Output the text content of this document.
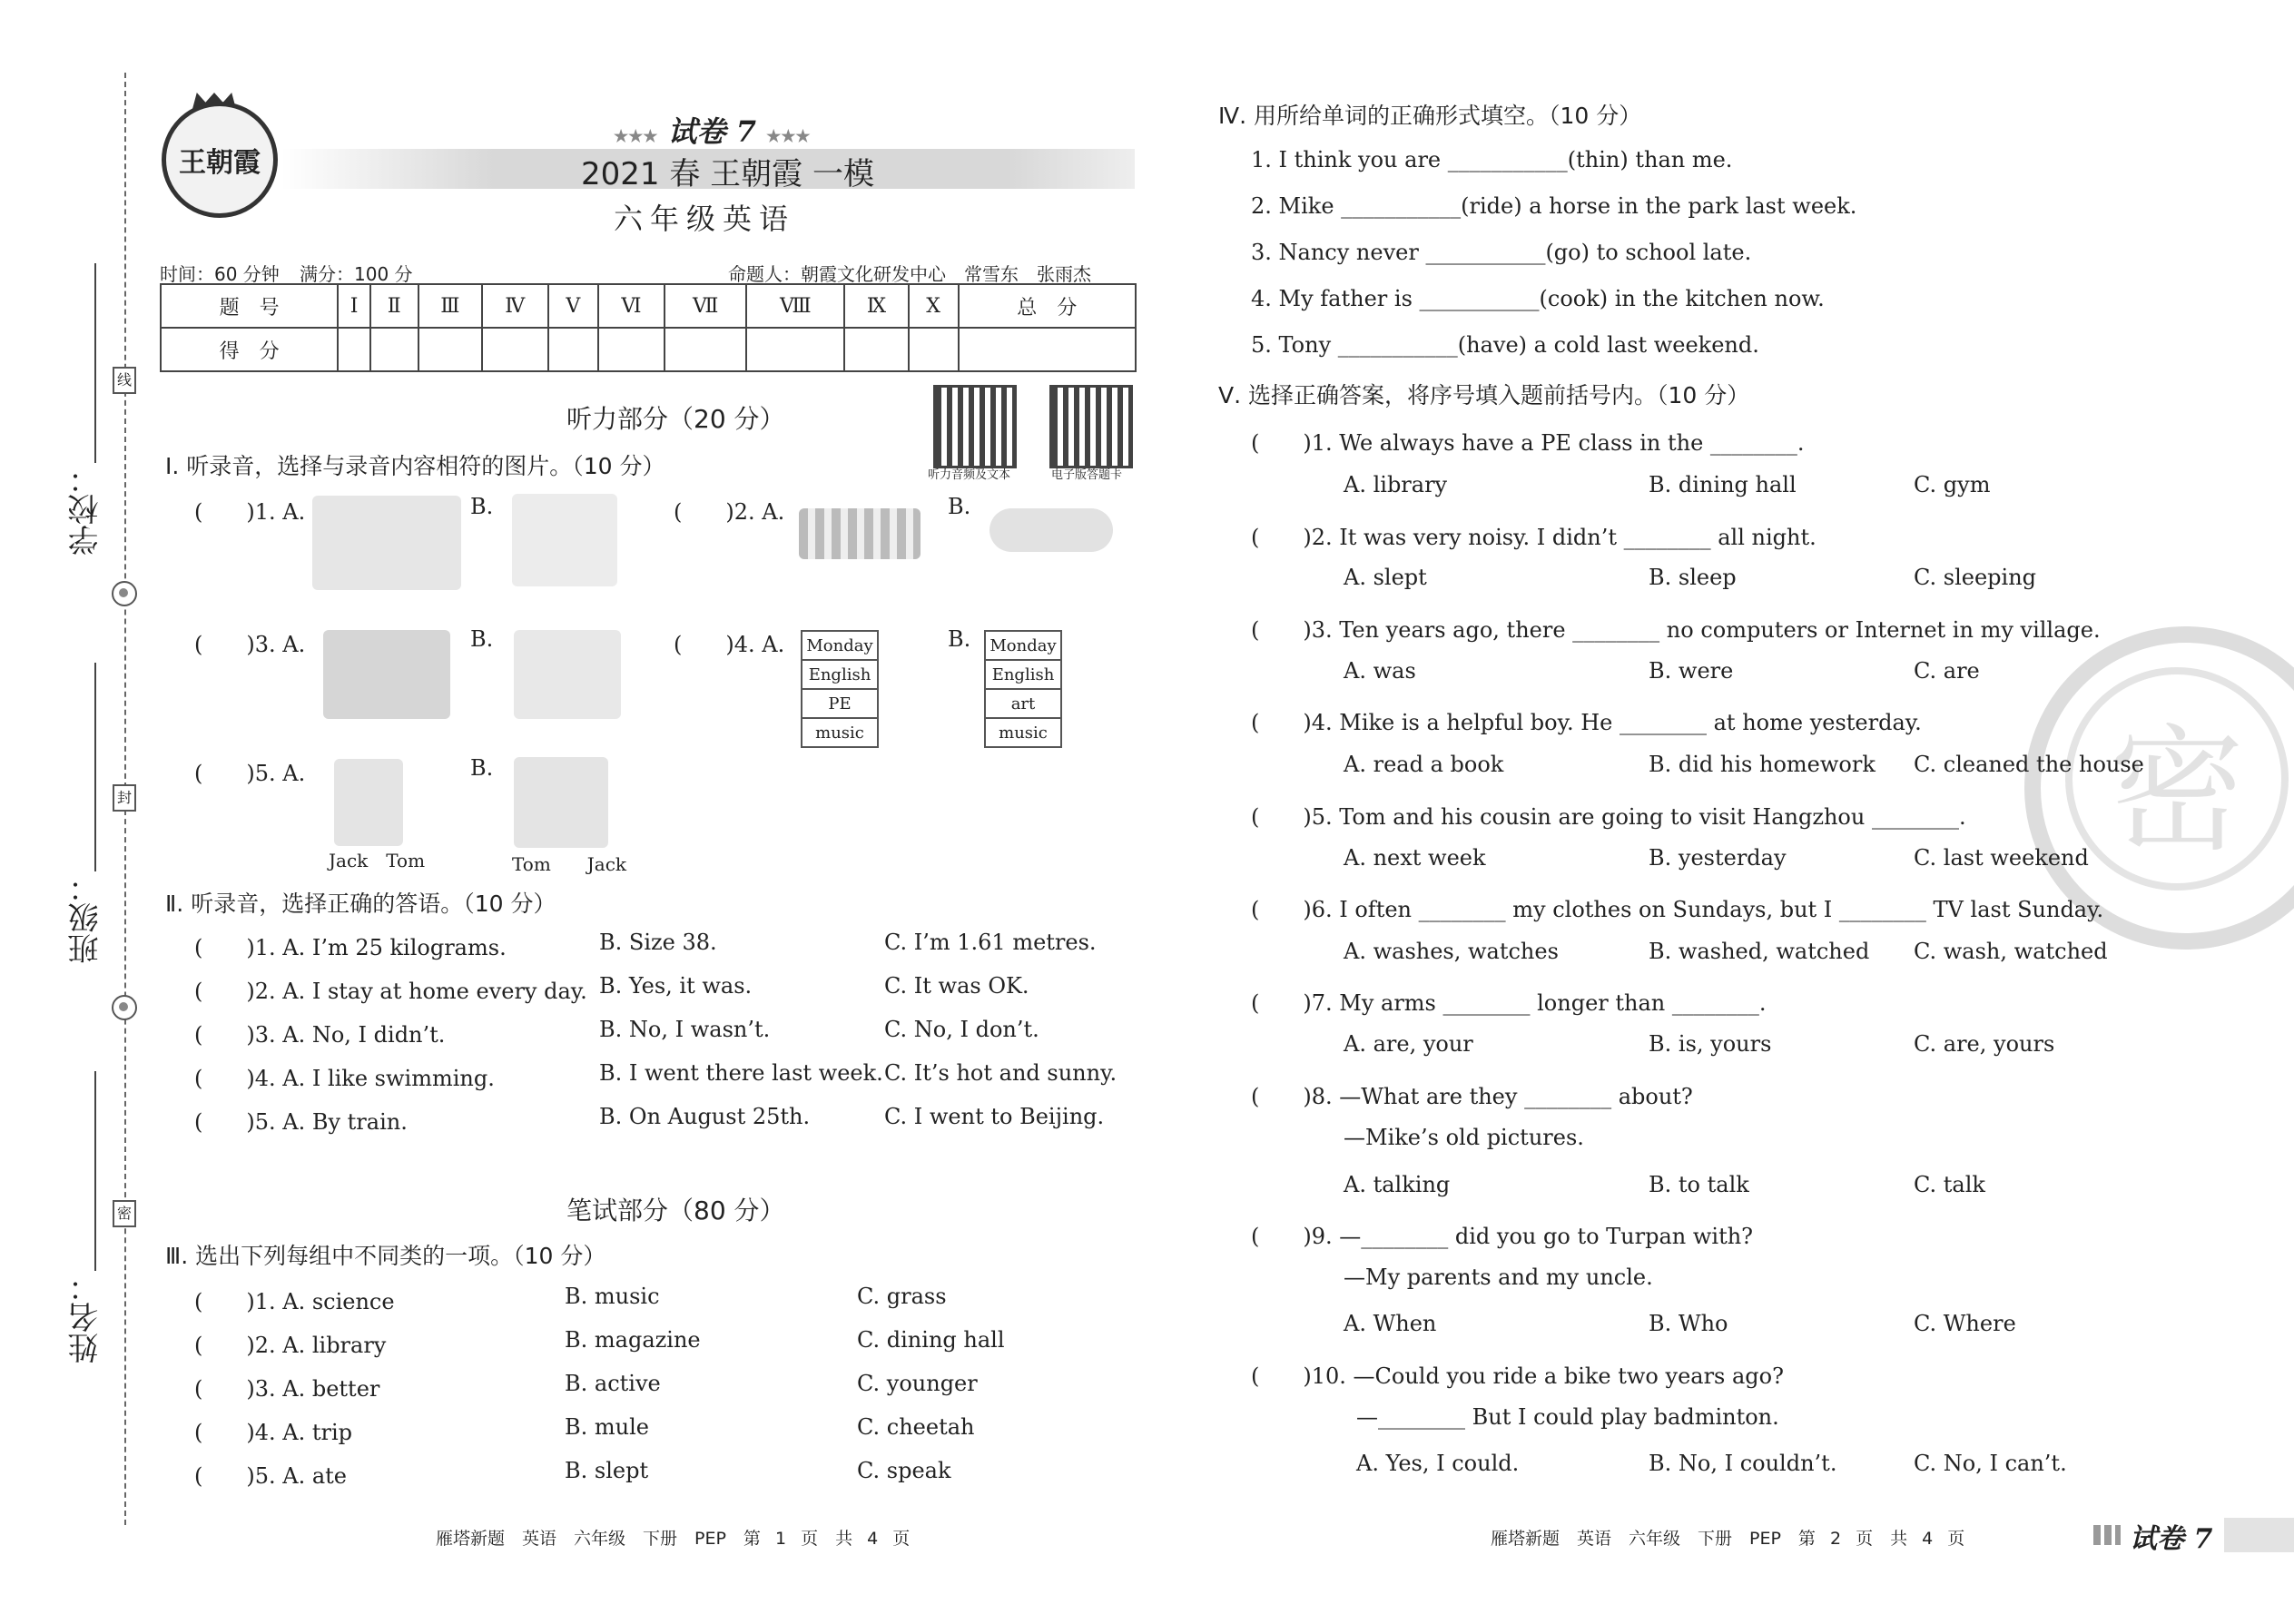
学校：
班级：
姓名：
线
封
密
王朝霞
★★★ 试卷 7 ★★★
2021 春 王朝霞 一模
六年级英语
时间：60 分钟 满分：100 分	命题人：朝霞文化研发中心　常雪东　张雨杰
题　号	Ⅰ	Ⅱ	Ⅲ	Ⅳ	Ⅴ	Ⅵ	Ⅶ	Ⅷ	Ⅸ	Ⅹ	总　分
得　分											
听力部分（20 分）
听力音频及文本	电子版答题卡
Ⅰ. 听录音，选择与录音内容相符的图片。（10 分）
(　　)1. A.	B.	(　　)2. A.	B.
(　　)3. A.	B.	(　　)4. A. Monday
English
PE
music
B. Monday
English
art
music
(　　)5. A.
Jack　Tom
B.
Tom　　Jack
Ⅱ. 听录音，选择正确的答语。（10 分）
(　　)1. A. I’m 25 kilograms.	B. Size 38.	C. I’m 1.61 metres.
(　　)2. A. I stay at home every day. B. Yes, it was.	C. It was OK.
(　　)3. A. No, I didn’t.	B. No, I wasn’t.	C. No, I don’t.
(　　)4. A. I like swimming.	B. I went there last week. C. It’s hot and sunny.
(　　)5. A. By train.	B. On August 25th.	C. I went to Beijing.
笔试部分（80 分）
Ⅲ. 选出下列每组中不同类的一项。（10 分）
(　　)1. A. science	B. music	C. grass
(　　)2. A. library	B. magazine	C. dining hall
(　　)3. A. better	B. active	C. younger
(　　)4. A. trip	B. mule	C. cheetah
(　　)5. A. ate	B. slept	C. speak
密
Ⅳ. 用所给单词的正确形式填空。（10 分）
1. I think you are ___________(thin) than me.
2. Mike ___________(ride) a horse in the park last week.
3. Nancy never ___________(go) to school late.
4. My father is ___________(cook) in the kitchen now.
5. Tony ___________(have) a cold last weekend.
Ⅴ. 选择正确答案，将序号填入题前括号内。（10 分）
(　　)1. We always have a PE class in the ________.
A. library	B. dining hall	C. gym
(　　)2. It was very noisy. I didn’t ________ all night.
A. slept	B. sleep	C. sleeping
(　　)3. Ten years ago, there ________ no computers or Internet in my village.
A. was	B. were	C. are
(　　)4. Mike is a helpful boy. He ________ at home yesterday.
A. read a book	B. did his homework C. cleaned the house
(　　)5. Tom and his cousin are going to visit Hangzhou ________.
A. next week	B. yesterday	C. last weekend
(　　)6. I often ________ my clothes on Sundays, but I ________ TV last Sunday.
A. washes, watches	B. washed, watched C. wash, watched
(　　)7. My arms ________ longer than ________.
A. are, your	B. is, yours	C. are, yours
(　　)8. —What are they ________ about?
—Mike’s old pictures.
A. talking	B. to talk	C. talk
(　　)9. —________ did you go to Turpan with?
—My parents and my uncle.
A. When	B. Who	C. Where
(　　)10. —Could you ride a bike two years ago?
—________ But I could play badminton.
A. Yes, I could.	B. No, I couldn’t.	C. No, I can’t.
雁塔新题　英语　六年级　下册　PEP　第 1 页　共 4 页	雁塔新题　英语　六年级　下册　PEP　第 2 页　共 4 页	试卷 7
